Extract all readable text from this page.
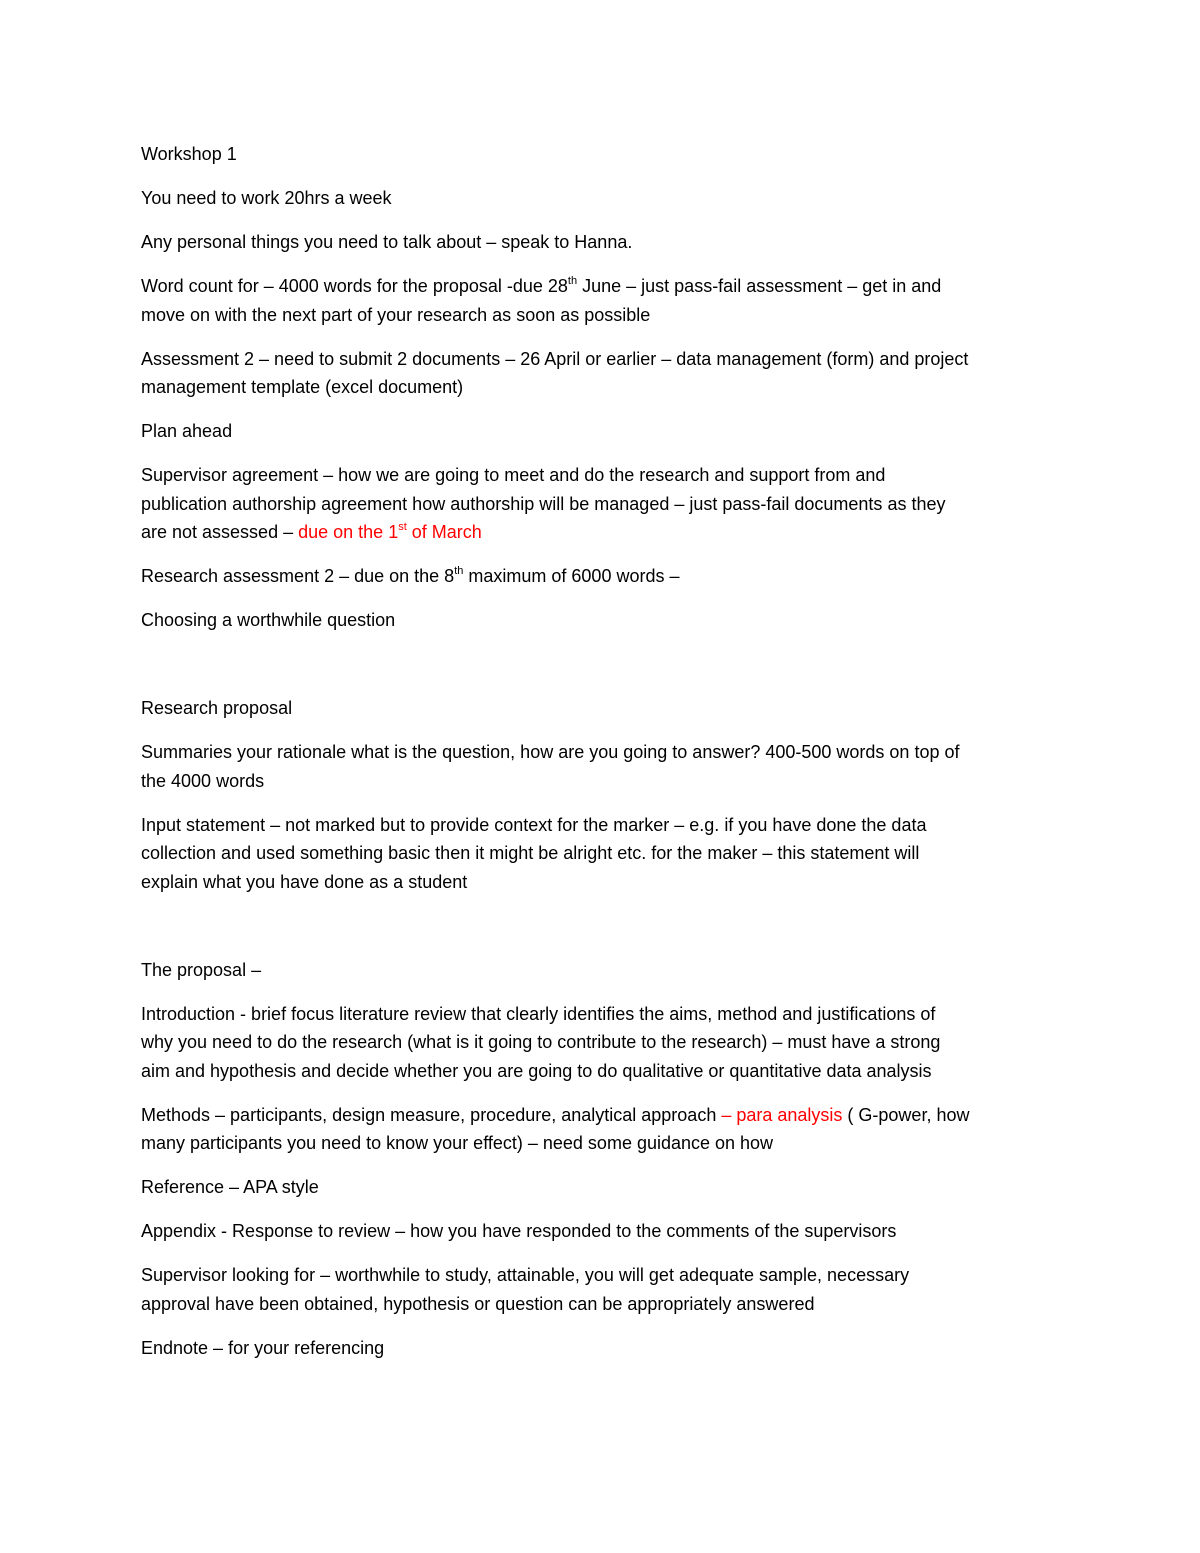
Workshop 1

You need to work 20hrs a week

Any personal things you need to talk about – speak to Hanna.

Word count for – 4000 words for the proposal -due 28th June – just pass-fail assessment – get in and
move on with the next part of your research as soon as possible

Assessment 2 – need to submit 2 documents – 26 April or earlier – data management (form) and project
management template (excel document)

Plan ahead

Supervisor agreement – how we are going to meet and do the research and support from and
publication authorship agreement how authorship will be managed – just pass-fail documents as they
are not assessed – due on the 1st of March

Research assessment 2 – due on the 8th maximum of 6000 words –

Choosing a worthwhile question

Research proposal

Summaries your rationale what is the question, how are you going to answer? 400-500 words on top of
the 4000 words

Input statement – not marked but to provide context for the marker – e.g. if you have done the data
collection and used something basic then it might be alright etc. for the maker – this statement will
explain what you have done as a student

The proposal –

Introduction - brief focus literature review that clearly identifies the aims, method and justifications of
why you need to do the research (what is it going to contribute to the research) – must have a strong
aim and hypothesis and decide whether you are going to do qualitative or quantitative data analysis

Methods – participants, design measure, procedure, analytical approach – para analysis ( G-power, how
many participants you need to know your effect) – need some guidance on how

Reference – APA style

Appendix - Response to review – how you have responded to the comments of the supervisors

Supervisor looking for – worthwhile to study, attainable, you will get adequate sample, necessary
approval have been obtained, hypothesis or question can be appropriately answered

Endnote – for your referencing
